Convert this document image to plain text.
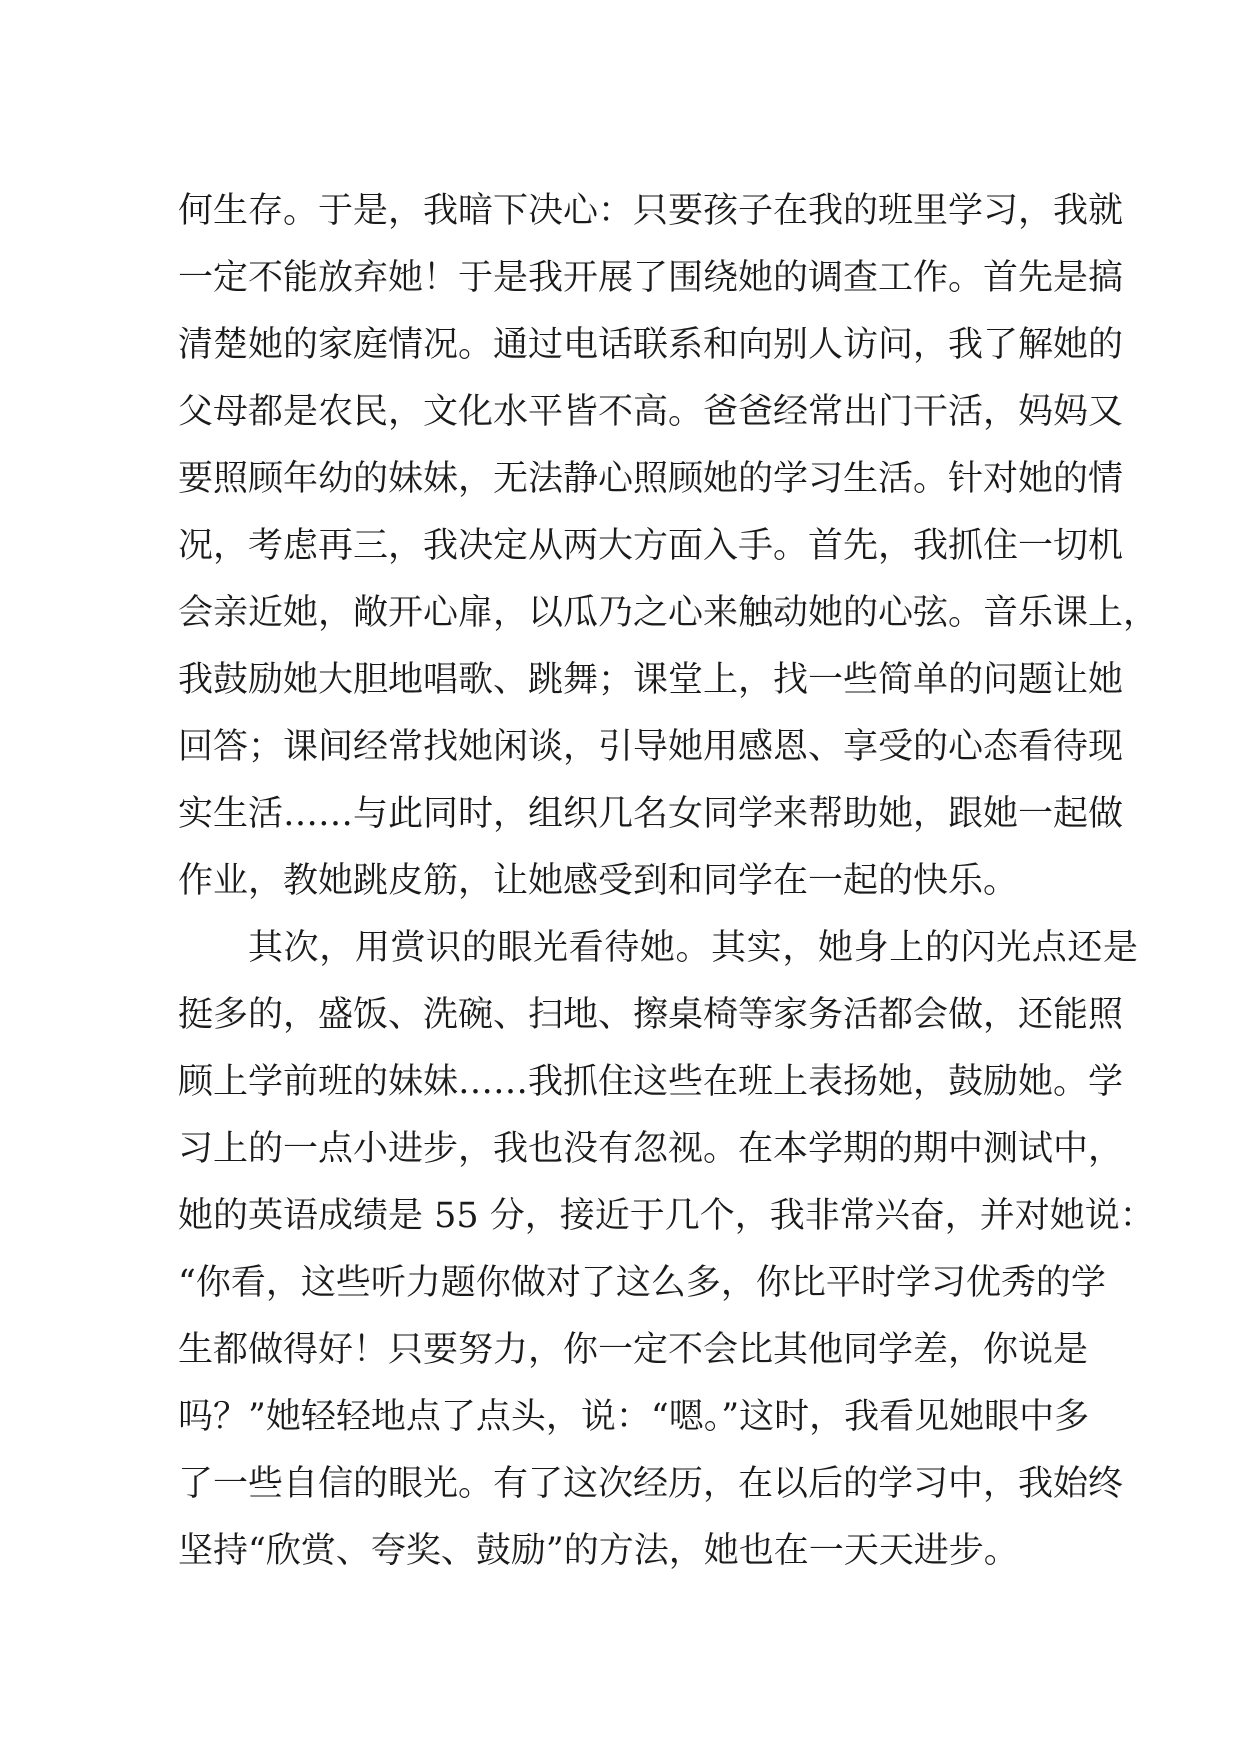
何生存。于是，我暗下决心：只要孩子在我的班里学习，我就
一定不能放弃她！于是我开展了围绕她的调查工作。首先是搞
清楚她的家庭情况。通过电话联系和向别人访问，我了解她的
父母都是农民，文化水平皆不高。爸爸经常出门干活，妈妈又
要照顾年幼的妹妹，无法静心照顾她的学习生活。针对她的情
况，考虑再三，我决定从两大方面入手。首先，我抓住一切机
会亲近她，敞开心扉，以瓜乃之心来触动她的心弦。音乐课上，
我鼓励她大胆地唱歌、跳舞；课堂上，找一些简单的问题让她
回答；课间经常找她闲谈，引导她用感恩、享受的心态看待现
实生活……与此同时，组织几名女同学来帮助她，跟她一起做
作业，教她跳皮筋，让她感受到和同学在一起的快乐。
其次，用赏识的眼光看待她。其实，她身上的闪光点还是
挺多的，盛饭、洗碗、扫地、擦桌椅等家务活都会做，还能照
顾上学前班的妹妹……我抓住这些在班上表扬她，鼓励她。学
习上的一点小进步，我也没有忽视。在本学期的期中测试中，
她的英语成绩是 55 分，接近于几个，我非常兴奋，并对她说：
“你看，这些听力题你做对了这么多，你比平时学习优秀的学
生都做得好！只要努力，你一定不会比其他同学差，你说是
吗？”她轻轻地点了点头，说：“嗯。”这时，我看见她眼中多
了一些自信的眼光。有了这次经历，在以后的学习中，我始终
坚持“欣赏、夸奖、鼓励”的方法，她也在一天天进步。
